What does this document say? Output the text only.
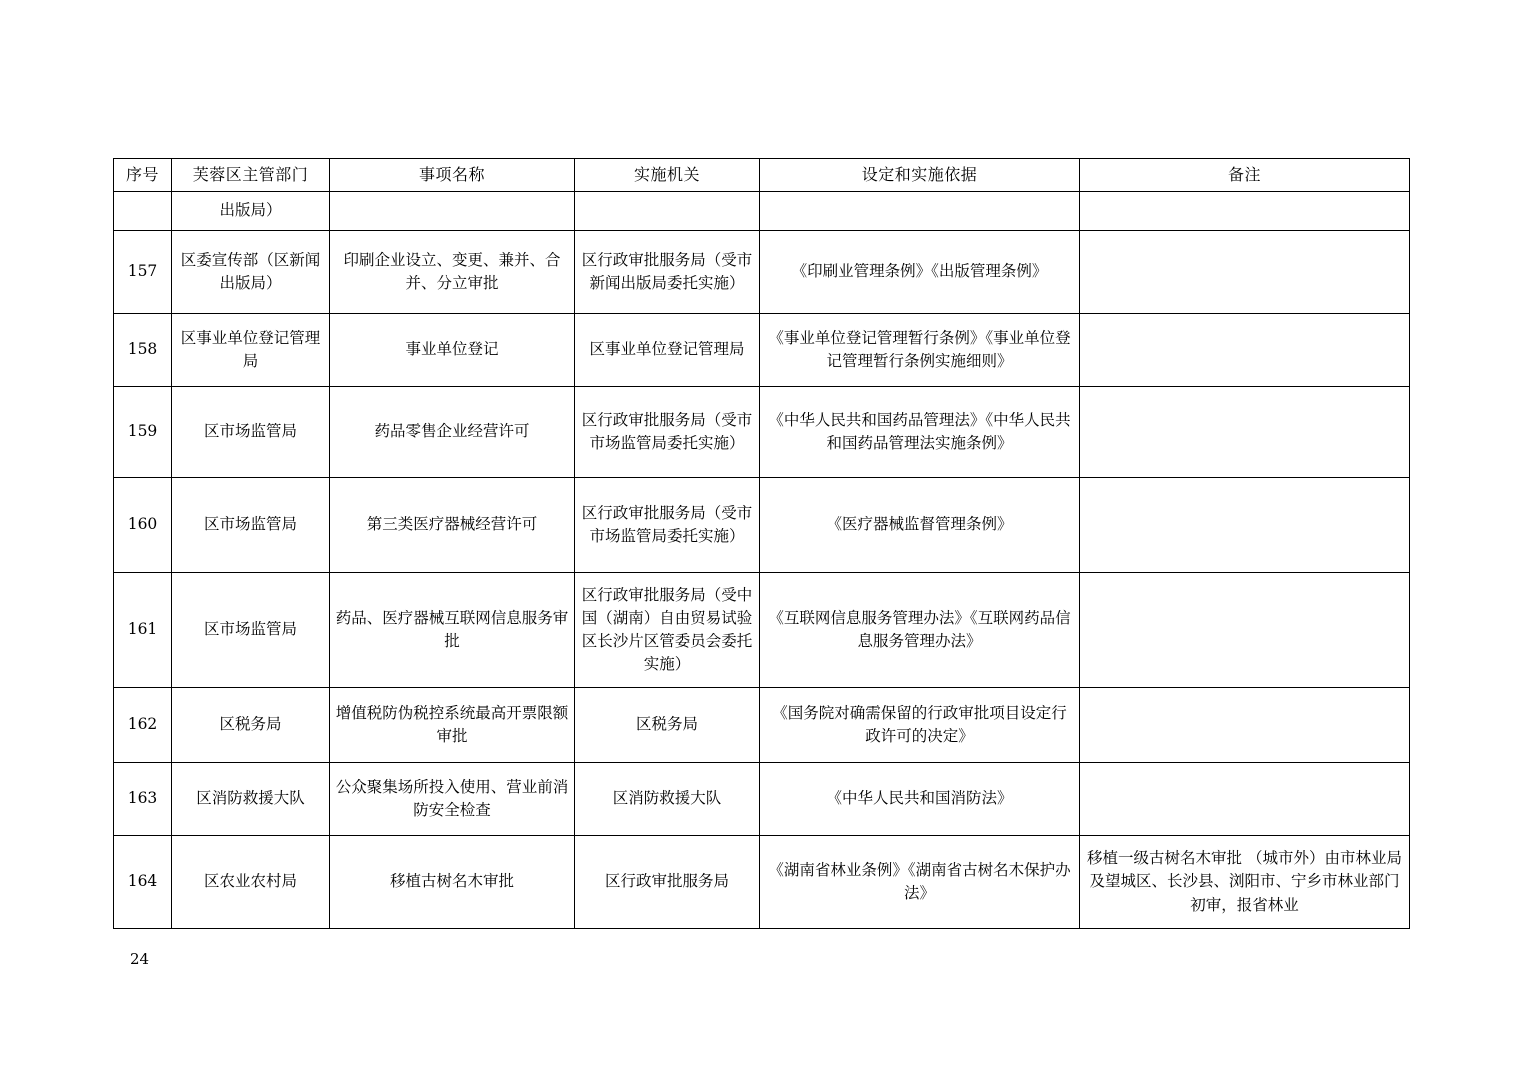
序号	芙蓉区主管部门	事项名称	实施机关	设定和实施依据	备注
	出版局）				
157	区委宣传部（区新闻出版局）	印刷企业设立、变更、兼并、合并、分立审批	区行政审批服务局（受市新闻出版局委托实施）	《印刷业管理条例》《出版管理条例》	
158	区事业单位登记管理局	事业单位登记	区事业单位登记管理局	《事业单位登记管理暂行条例》《事业单位登记管理暂行条例实施细则》	
159	区市场监管局	药品零售企业经营许可	区行政审批服务局（受市市场监管局委托实施）	《中华人民共和国药品管理法》《中华人民共和国药品管理法实施条例》	
160	区市场监管局	第三类医疗器械经营许可	区行政审批服务局（受市市场监管局委托实施）	《医疗器械监督管理条例》	
161	区市场监管局	药品、医疗器械互联网信息服务审批	区行政审批服务局（受中国（湖南）自由贸易试验区长沙片区管委员会委托实施）	《互联网信息服务管理办法》《互联网药品信息服务管理办法》	
162	区税务局	增值税防伪税控系统最高开票限额审批	区税务局	《国务院对确需保留的行政审批项目设定行政许可的决定》	
163	区消防救援大队	公众聚集场所投入使用、营业前消防安全检查	区消防救援大队	《中华人民共和国消防法》	
164	区农业农村局	移植古树名木审批	区行政审批服务局	《湖南省林业条例》《湖南省古树名木保护办法》	移植一级古树名木审批 （城市外）由市林业局及望城区、长沙县、浏阳市、宁乡市林业部门初审，报省林业
24
